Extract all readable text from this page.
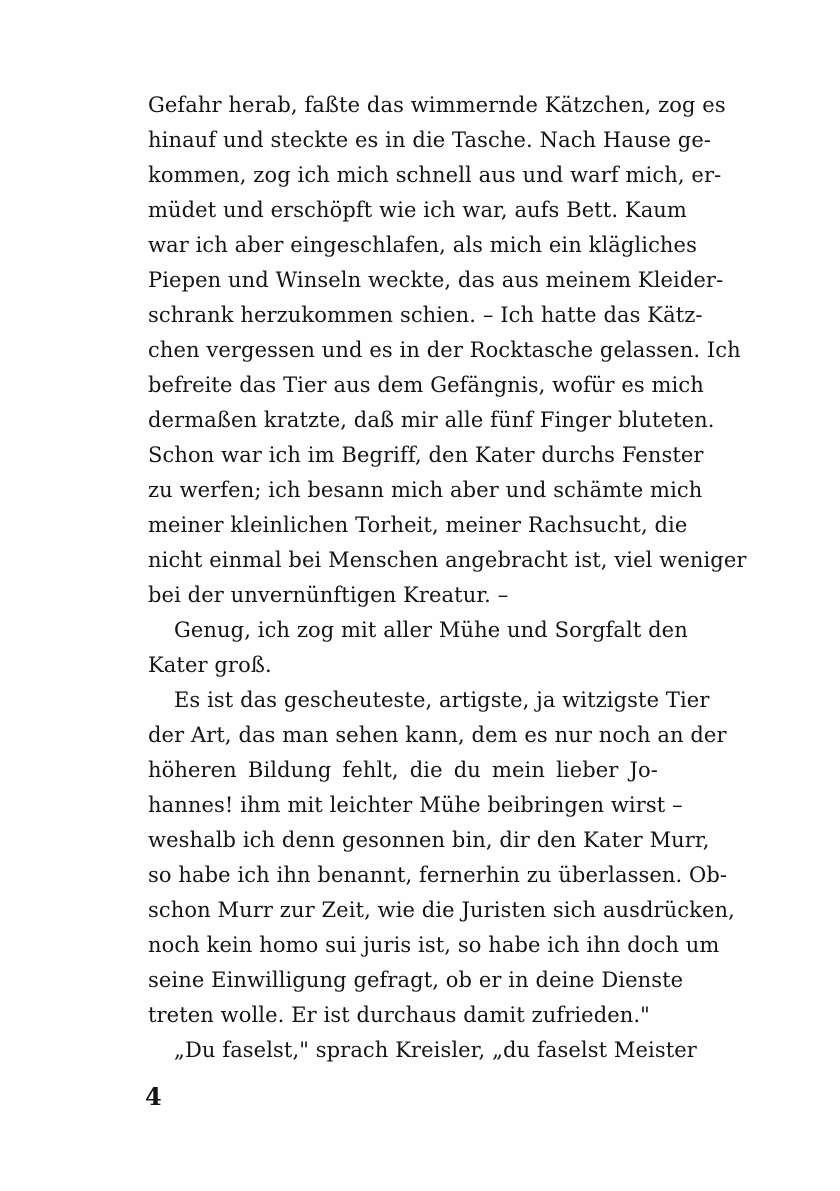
Gefahr herab, faßte das wimmernde Kätzchen, zog es
hinauf und steckte es in die Tasche. Nach Hause ge-
kommen, zog ich mich schnell aus und warf mich, er-
müdet und erschöpft wie ich war, aufs Bett. Kaum
war ich aber eingeschlafen, als mich ein klägliches
Piepen und Winseln weckte, das aus meinem Kleider-
schrank herzukommen schien. – Ich hatte das Kätz-
chen vergessen und es in der Rocktasche gelassen. Ich
befreite das Tier aus dem Gefängnis, wofür es mich
dermaßen kratzte, daß mir alle fünf Finger bluteten.
Schon war ich im Begriff, den Kater durchs Fenster
zu werfen; ich besann mich aber und schämte mich
meiner kleinlichen Torheit, meiner Rachsucht, die
nicht einmal bei Menschen angebracht ist, viel weniger
bei der unvernünftigen Kreatur. –
Genug, ich zog mit aller Mühe und Sorgfalt den
Kater groß.
Es ist das gescheuteste, artigste, ja witzigste Tier
der Art, das man sehen kann, dem es nur noch an der
höheren Bildung fehlt, die du mein lieber Jo-
hannes! ihm mit leichter Mühe beibringen wirst –
weshalb ich denn gesonnen bin, dir den Kater Murr,
so habe ich ihn benannt, fernerhin zu überlassen. Ob-
schon Murr zur Zeit, wie die Juristen sich ausdrücken,
noch kein homo sui juris ist, so habe ich ihn doch um
seine Einwilligung gefragt, ob er in deine Dienste
treten wolle. Er ist durchaus damit zufrieden."
„Du faselst," sprach Kreisler, „du faselst Meister
4
